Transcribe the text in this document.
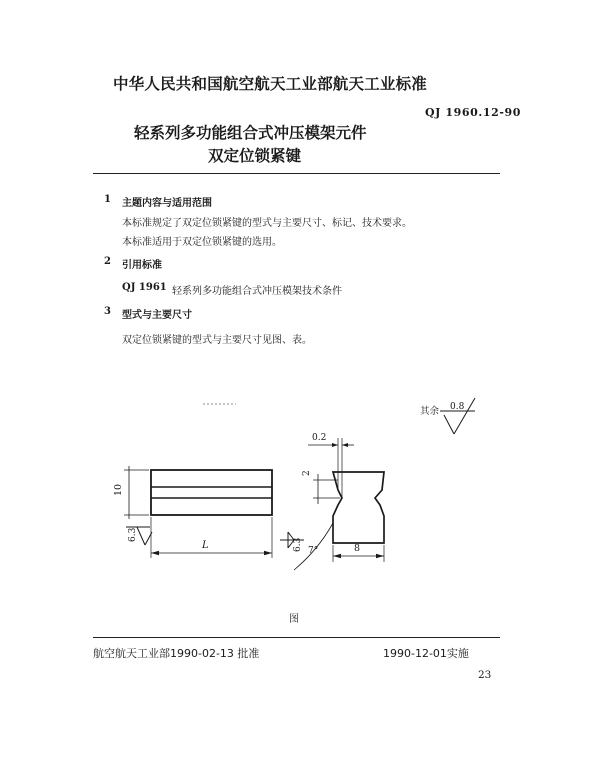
中华人民共和国航空航天工业部航天工业标准
QJ 1960.12-90
轻系列多功能组合式冲压模架元件
双定位锁紧键
1 主题内容与适用范围
本标准规定了双定位锁紧键的型式与主要尺寸、标记、技术要求。
本标准适用于双定位锁紧键的选用。
2 引用标准
QJ 1961 轻系列多功能组合式冲压模架技术条件
3 型式与主要尺寸
双定位锁紧键的型式与主要尺寸见图、表。
其余 0.8
10
L
6.3
6.3
0.2
2
7°	8
图
航空航天工业部1990-02-13 批准	1990-12-01实施
23
